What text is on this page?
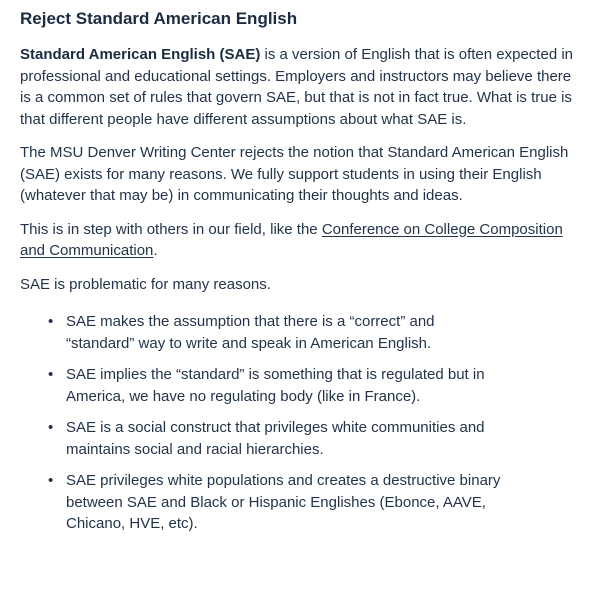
Reject Standard American English

Standard American English (SAE) is a version of English that is often expected in professional and educational settings. Employers and instructors may believe there is a common set of rules that govern SAE, but that is not in fact true. What is true is that different people have different assumptions about what SAE is.

The MSU Denver Writing Center rejects the notion that Standard American English (SAE) exists for many reasons. We fully support students in using their English (whatever that may be) in communicating their thoughts and ideas.

This is in step with others in our field, like the Conference on College Composition and Communication.

SAE is problematic for many reasons.

• SAE makes the assumption that there is a “correct” and “standard” way to write and speak in American English.
• SAE implies the “standard” is something that is regulated but in America, we have no regulating body (like in France).
• SAE is a social construct that privileges white communities and maintains social and racial hierarchies.
• SAE privileges white populations and creates a destructive binary between SAE and Black or Hispanic Englishes (Ebonce, AAVE, Chicano, HVE, etc).
